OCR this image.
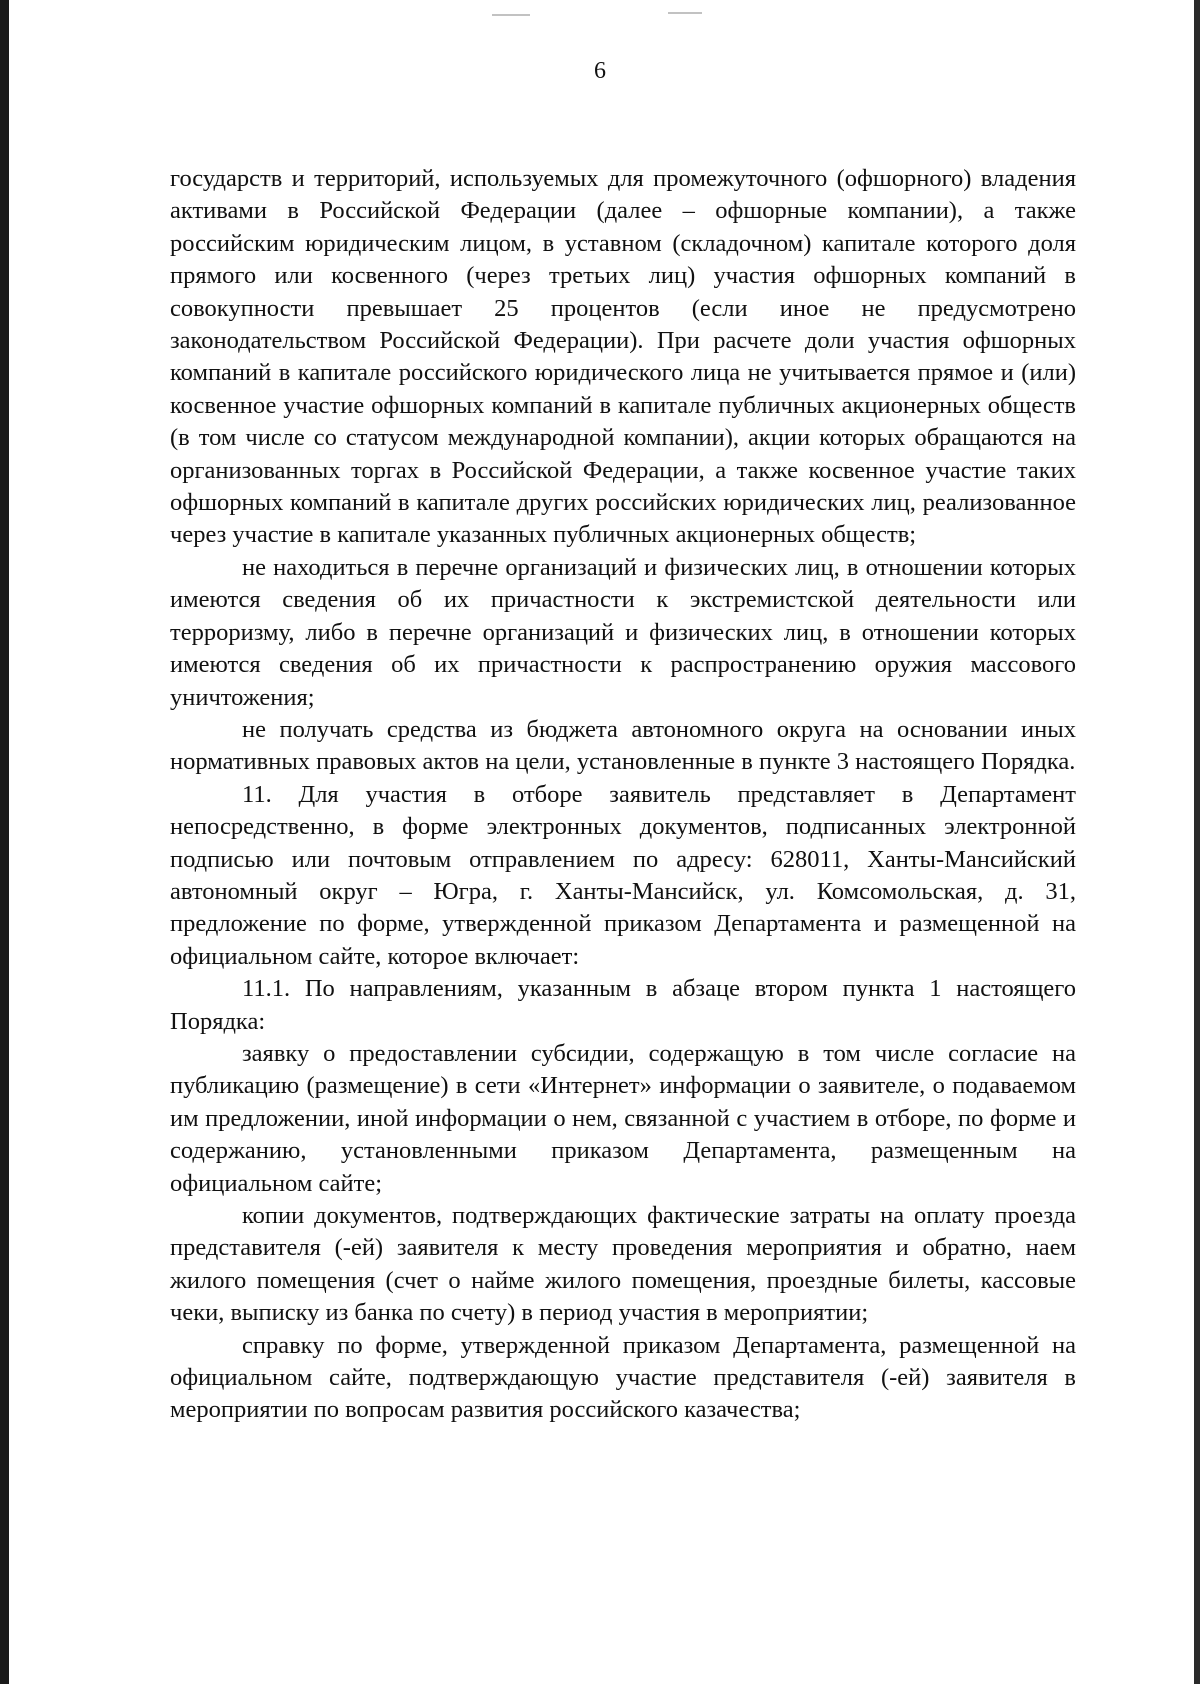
6

государств и территорий, используемых для промежуточного (офшорного) владения активами в Российской Федерации (далее – офшорные компании), а также российским юридическим лицом, в уставном (складочном) капитале которого доля прямого или косвенного (через третьих лиц) участия офшорных компаний в совокупности превышает 25 процентов (если иное не предусмотрено законодательством Российской Федерации). При расчете доли участия офшорных компаний в капитале российского юридического лица не учитывается прямое и (или) косвенное участие офшорных компаний в капитале публичных акционерных обществ (в том числе со статусом международной компании), акции которых обращаются на организованных торгах в Российской Федерации, а также косвенное участие таких офшорных компаний в капитале других российских юридических лиц, реализованное через участие в капитале указанных публичных акционерных обществ;

не находиться в перечне организаций и физических лиц, в отношении которых имеются сведения об их причастности к экстремистской деятельности или терроризму, либо в перечне организаций и физических лиц, в отношении которых имеются сведения об их причастности к распространению оружия массового уничтожения;

не получать средства из бюджета автономного округа на основании иных нормативных правовых актов на цели, установленные в пункте 3 настоящего Порядка.

11. Для участия в отборе заявитель представляет в Департамент непосредственно, в форме электронных документов, подписанных электронной подписью или почтовым отправлением по адресу: 628011, Ханты-Мансийский автономный округ – Югра, г. Ханты-Мансийск, ул. Комсомольская, д. 31, предложение по форме, утвержденной приказом Департамента и размещенной на официальном сайте, которое включает:

11.1. По направлениям, указанным в абзаце втором пункта 1 настоящего Порядка:

заявку о предоставлении субсидии, содержащую в том числе согласие на публикацию (размещение) в сети «Интернет» информации о заявителе, о подаваемом им предложении, иной информации о нем, связанной с участием в отборе, по форме и содержанию, установленными приказом Департамента, размещенным на официальном сайте;

копии документов, подтверждающих фактические затраты на оплату проезда представителя (-ей) заявителя к месту проведения мероприятия и обратно, наем жилого помещения (счет о найме жилого помещения, проездные билеты, кассовые чеки, выписку из банка по счету) в период участия в мероприятии;

справку по форме, утвержденной приказом Департамента, размещенной на официальном сайте, подтверждающую участие представителя (-ей) заявителя в мероприятии по вопросам развития российского казачества;
